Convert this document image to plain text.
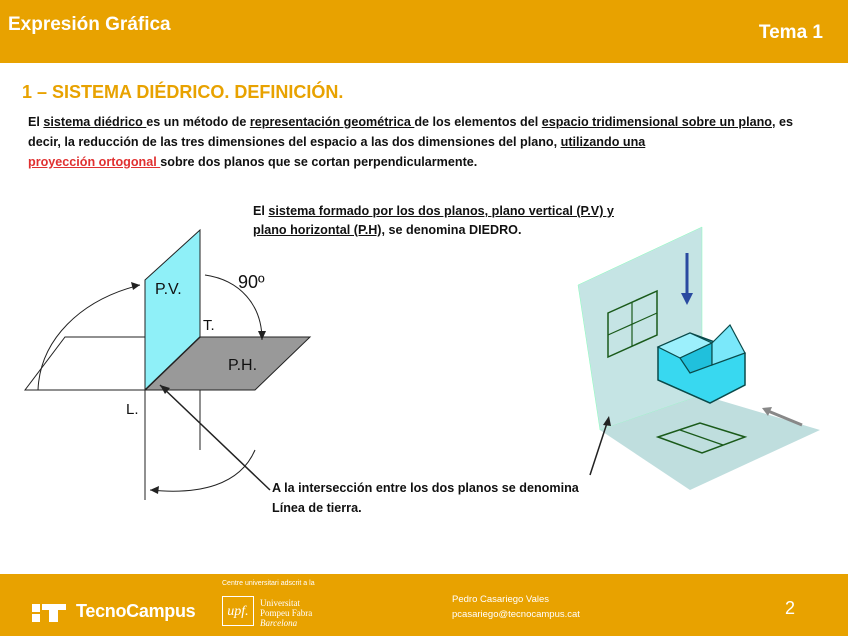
Expresión Gráfica	Tema 1
1 – SISTEMA DIÉDRICO. DEFINICIÓN.
El sistema diédrico es un método de representación geométrica de los elementos del espacio tridimensional sobre un plano, es decir, la reducción de las tres dimensiones del espacio a las dos dimensiones del plano, utilizando una
proyección ortogonal sobre dos planos que se cortan perpendicularmente.
El sistema formado por los dos planos, plano vertical (P.V) y plano horizontal (P.H), se denomina DIEDRO.
P.V.
P.H.
90º
T.
L.
A la intersección entre los dos planos se denomina
Línea de tierra.
TecnoCampus
Centre universitari adscrit a la
upf.
Universitat
Pompeu Fabra
Barcelona
Pedro Casariego Vales
pcasariego@tecnocampus.cat	2
